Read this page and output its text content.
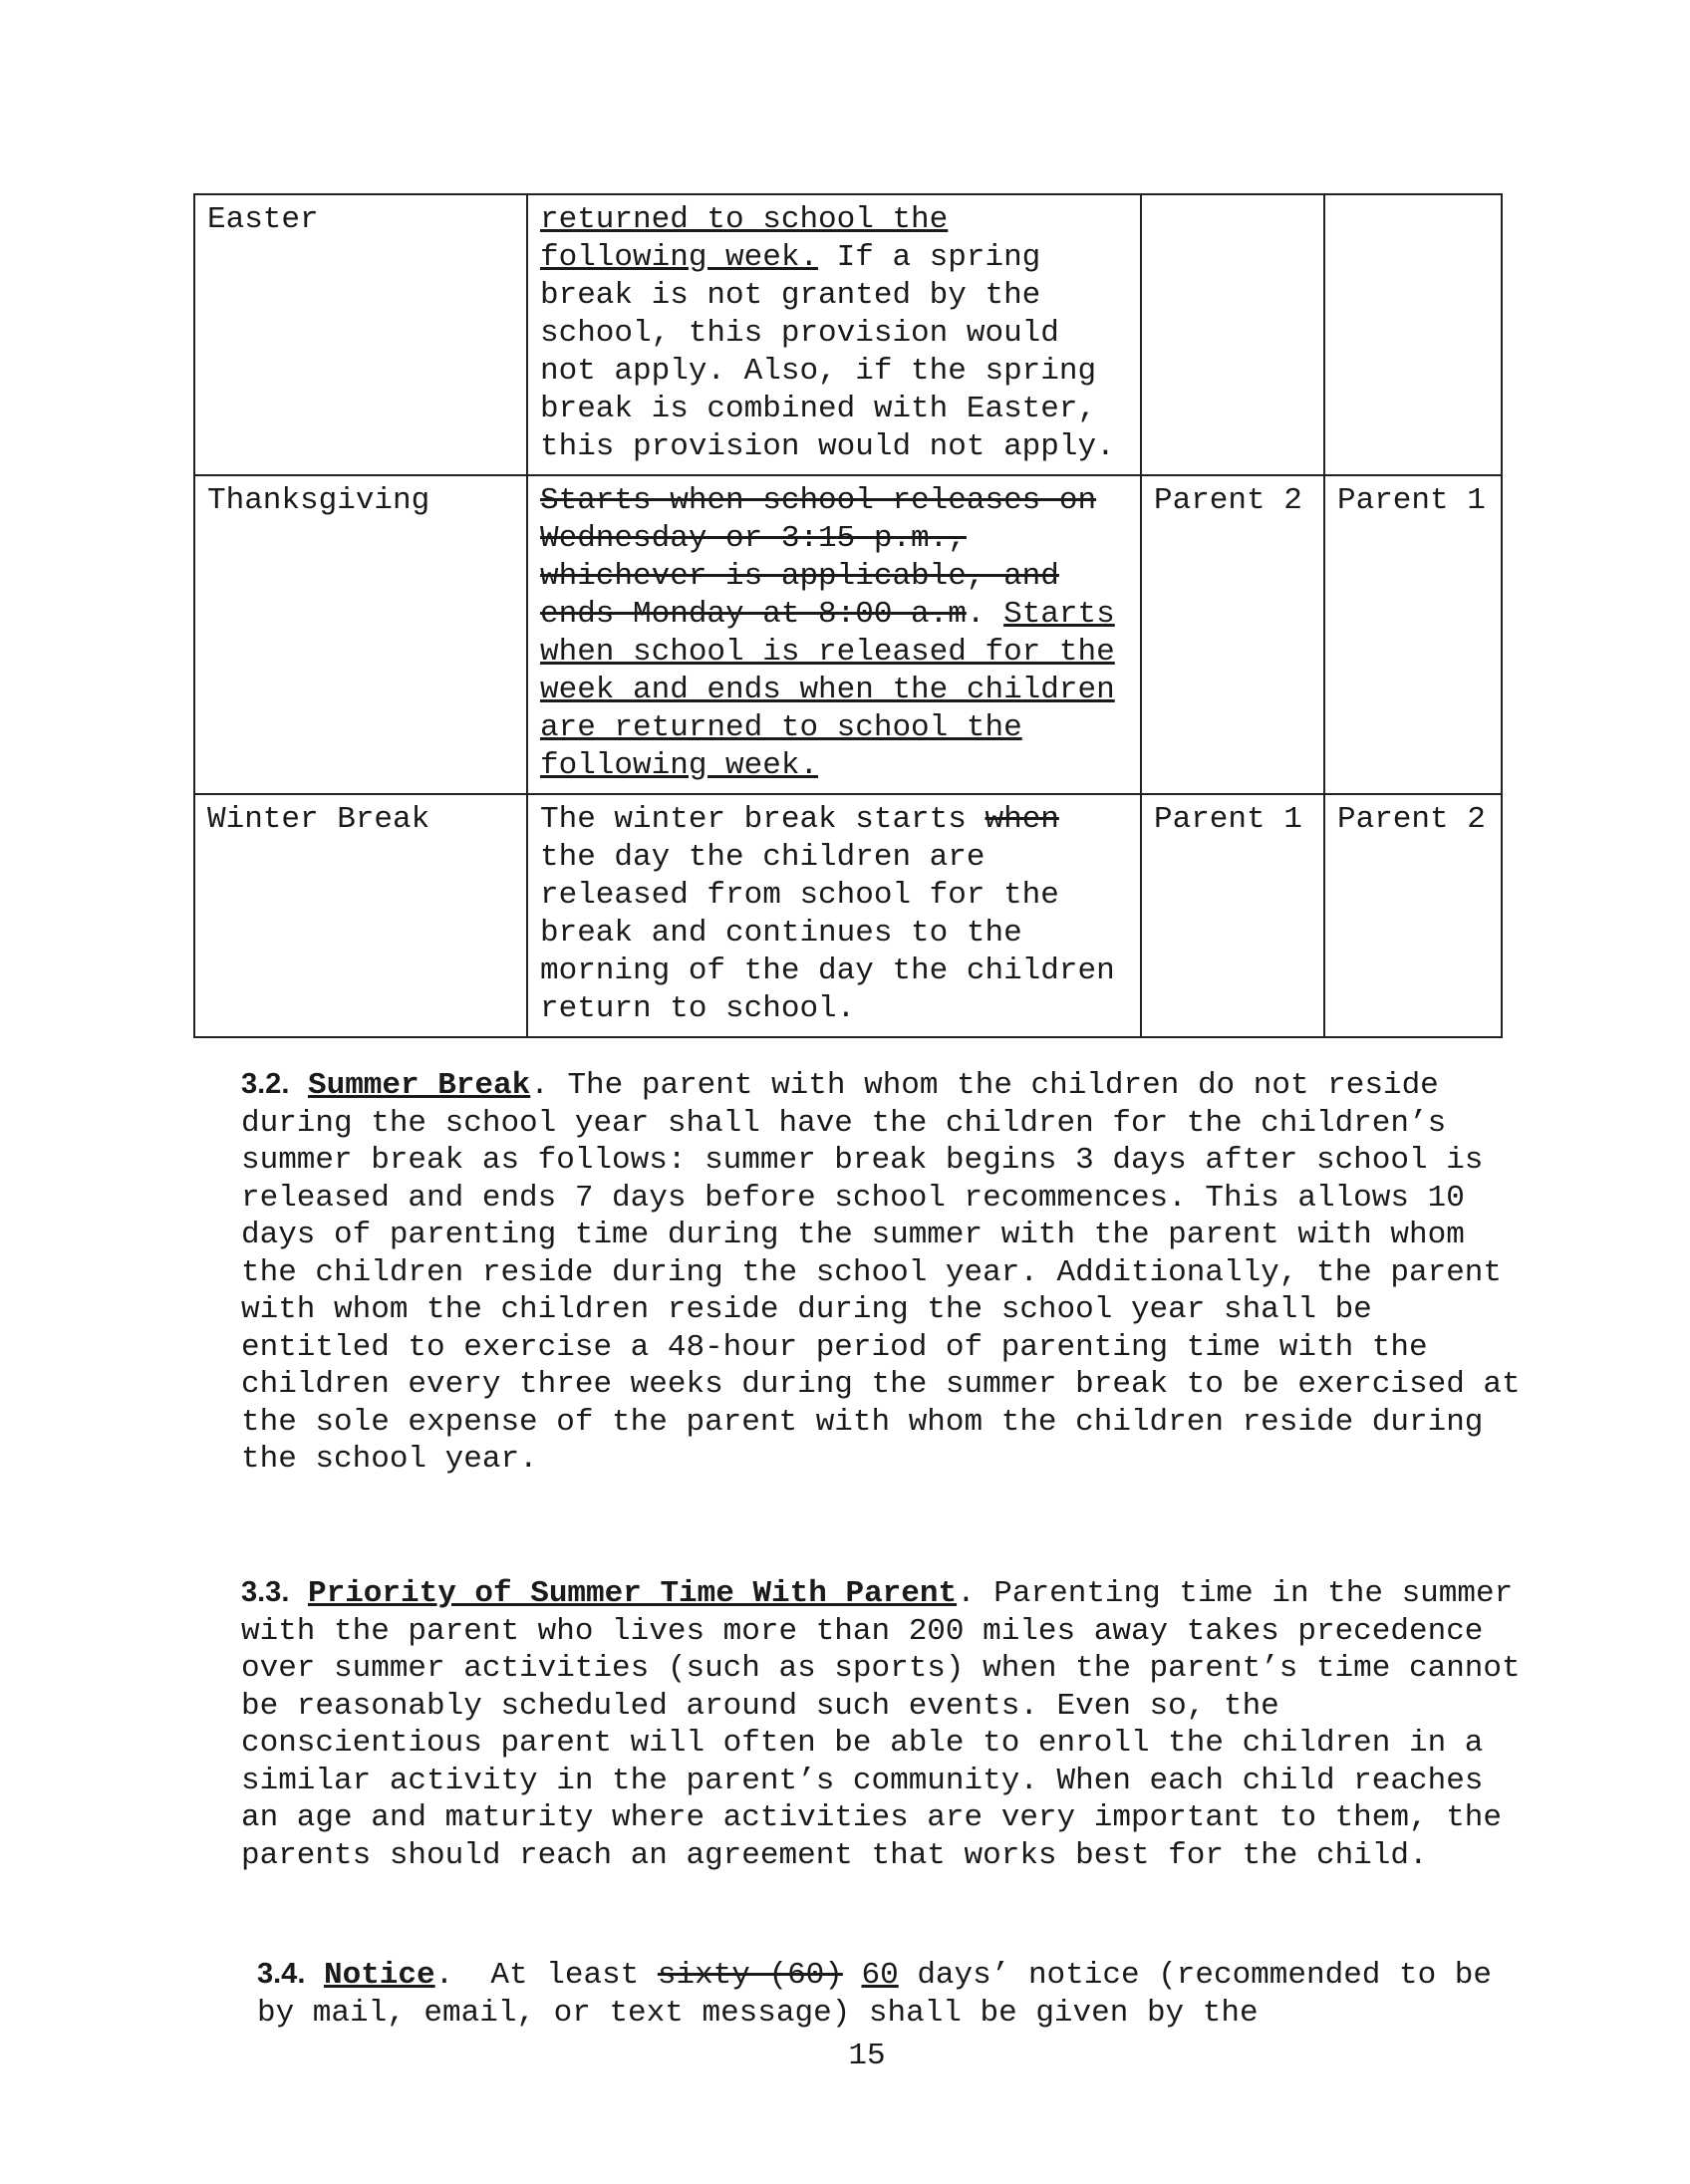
Easter	returned to school the following week. If a spring break is not granted by the school, this provision would not apply. Also, if the spring break is combined with Easter, this provision would not apply.		
Thanksgiving	Starts when school releases on Wednesday or 3:15 p.m., whichever is applicable, and ends Monday at 8:00 a.m. Starts when school is released for the week and ends when the children are returned to school the following week.	Parent 2	Parent 1
Winter Break	The winter break starts when the day the children are released from school for the break and continues to the morning of the day the children return to school.	Parent 1	Parent 2
3.2. Summer Break. The parent with whom the children do not reside during the school year shall have the children for the children’s summer break as follows: summer break begins 3 days after school is released and ends 7 days before school recommences. This allows 10 days of parenting time during the summer with the parent with whom the children reside during the school year. Additionally, the parent with whom the children reside during the school year shall be entitled to exercise a 48-hour period of parenting time with the children every three weeks during the summer break to be exercised at the sole expense of the parent with whom the children reside during the school year.
3.3. Priority of Summer Time With Parent. Parenting time in the summer with the parent who lives more than 200 miles away takes precedence over summer activities (such as sports) when the parent’s time cannot be reasonably scheduled around such events. Even so, the conscientious parent will often be able to enroll the children in a similar activity in the parent’s community. When each child reaches an age and maturity where activities are very important to them, the parents should reach an agreement that works best for the child.
3.4. Notice.  At least sixty (60) 60 days’ notice (recommended to be by mail, email, or text message) shall be given by the
15
